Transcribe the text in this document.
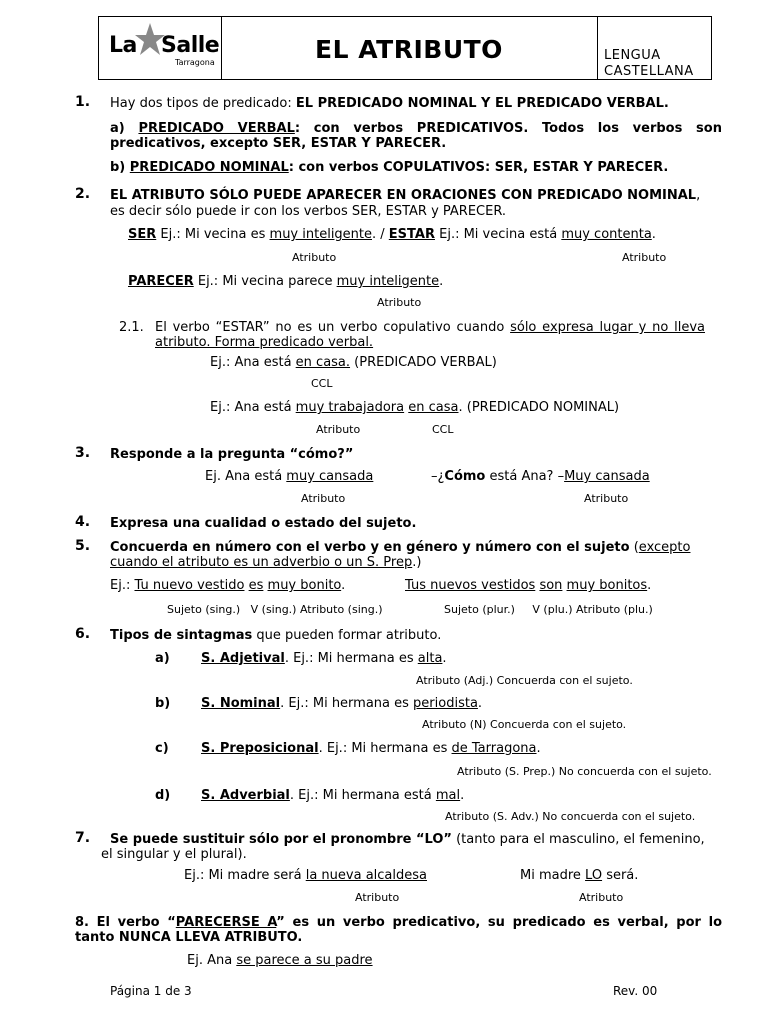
La Salle
Tarragona	EL ATRIBUTO	LENGUA
CASTELLANA
1. Hay dos tipos de predicado: EL PREDICADO NOMINAL Y EL PREDICADO VERBAL.

a) PREDICADO VERBAL: con verbos PREDICATIVOS. Todos los verbos son predicativos, excepto SER, ESTAR Y PARECER.

b) PREDICADO NOMINAL: con verbos COPULATIVOS: SER, ESTAR Y PARECER.

2. EL ATRIBUTO SÓLO PUEDE APARECER EN ORACIONES CON PREDICADO NOMINAL,
es decir sólo puede ir con los verbos SER, ESTAR y PARECER.
SER Ej.: Mi vecina es muy inteligente. / ESTAR Ej.: Mi vecina está muy contenta.
Atributo	Atributo
PARECER Ej.: Mi vecina parece muy inteligente.
Atributo
2.1. El verbo “ESTAR” no es un verbo copulativo cuando sólo expresa lugar y no lleva atributo. Forma predicado verbal.

Ej.: Ana está en casa. (PREDICADO VERBAL)
CCL
Ej.: Ana está muy trabajadora en casa. (PREDICADO NOMINAL)
Atributo	CCL
3. Responde a la pregunta “cómo?”
Ej. Ana está muy cansada	–¿Cómo está Ana? –Muy cansada
Atributo	Atributo
4. Expresa una cualidad o estado del sujeto.
5. Concuerda en número con el verbo y en género y número con el sujeto (excepto cuando el atributo es un adverbio o un S. Prep.)

Ej.: Tu nuevo vestido es muy bonito.	Tus nuevos vestidos son muy bonitos.
Sujeto (sing.)   V (sing.) Atributo (sing.)	Sujeto (plur.)     V (plu.) Atributo (plu.)
6. Tipos de sintagmas que pueden formar atributo.
a) S. Adjetival. Ej.: Mi hermana es alta.
Atributo (Adj.) Concuerda con el sujeto.
b) S. Nominal. Ej.: Mi hermana es periodista.
Atributo (N) Concuerda con el sujeto.
c) S. Preposicional. Ej.: Mi hermana es de Tarragona.
Atributo (S. Prep.) No concuerda con el sujeto.
d) S. Adverbial. Ej.: Mi hermana está mal.
Atributo (S. Adv.) No concuerda con el sujeto.
7. Se puede sustituir sólo por el pronombre “LO” (tanto para el masculino, el femenino,
el singular y el plural).
Ej.: Mi madre será la nueva alcaldesa	Mi madre LO será.
Atributo	Atributo

8. El verbo “PARECERSE A” es un verbo predicativo, su predicado es verbal, por lo tanto NUNCA LLEVA ATRIBUTO.

Ej. Ana se parece a su padre
Página 1 de 3	Rev. 00
